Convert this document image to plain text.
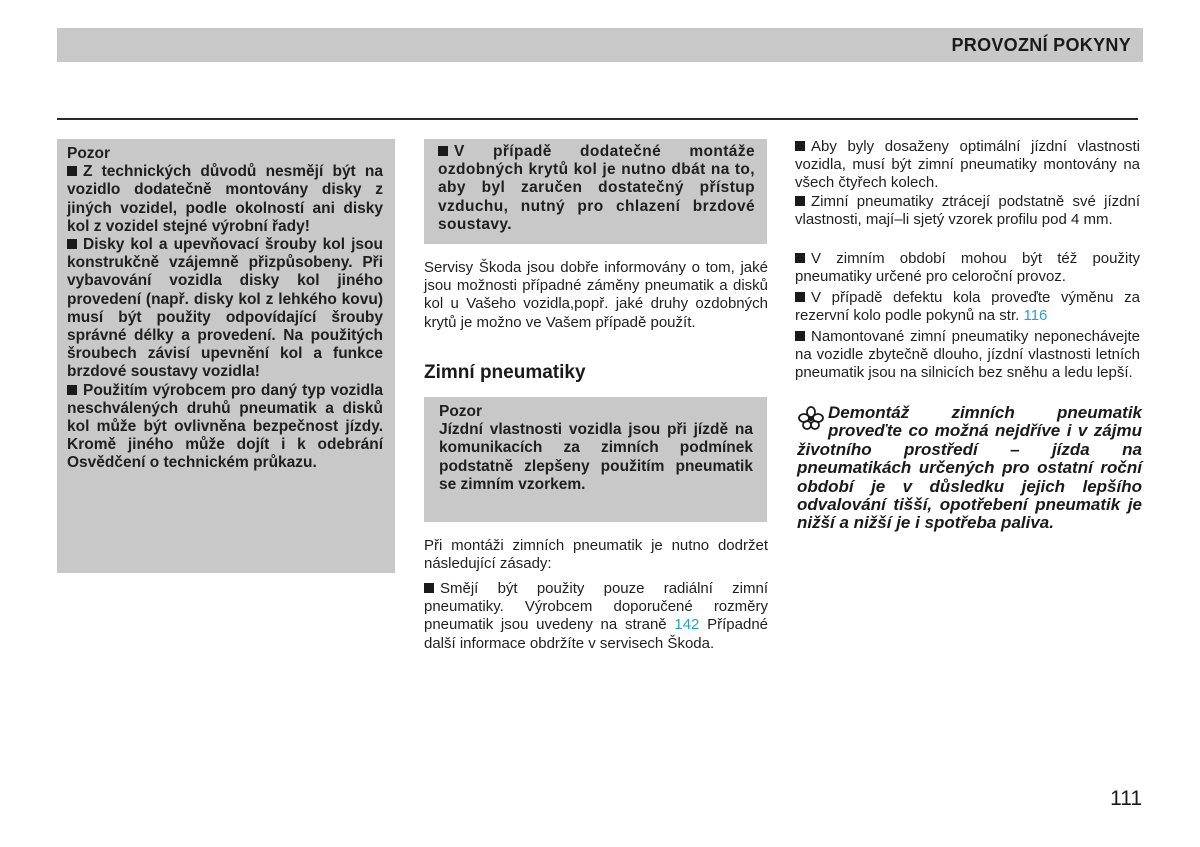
PROVOZNÍ POKYNY
Pozor
Z technických důvodů nesmějí být na vozidlo dodatečně montovány disky z jiných vozidel, podle okolností ani disky kol z vozidel stejné výrobní řady!
Disky kol a upevňovací šrouby kol jsou konstrukčně vzájemně přizpůsobeny. Při vybavování vozidla disky kol jiného provedení (např. disky kol z lehkého kovu) musí být použity odpovídající šrouby správné délky a provedení. Na použitých šroubech závisí upevnění kol a funkce brzdové soustavy vozidla!
Použitím výrobcem pro daný typ vozidla neschválených druhů pneumatik a disků kol může být ovlivněna bezpečnost jízdy. Kromě jiného může dojít i k odebrání Osvědčení o technickém průkazu.
V případě dodatečné montáže ozdobných krytů kol je nutno dbát na to, aby byl zaručen dostatečný přístup vzduchu, nutný pro chlazení brzdové soustavy.
Servisy Škoda jsou dobře informovány o tom, jaké jsou možnosti případné záměny pneumatik a disků kol u Vašeho vozidla,popř. jaké druhy ozdobných krytů je možno ve Vašem případě použít.
Zimní pneumatiky
Pozor
Jízdní vlastnosti vozidla jsou při jízdě na komunikacích za zimních podmínek podstatně zlepšeny použitím pneumatik se zimním vzorkem.
Při montáži zimních pneumatik je nutno dodržet následující zásady:
Smějí být použity pouze radiální zimní pneumatiky. Výrobcem doporučené rozměry pneumatik jsou uvedeny na straně 142 Případné další informace obdržíte v servisech Škoda.
Aby byly dosaženy optimální jízdní vlastnosti vozidla, musí být zimní pneumatiky montovány na všech čtyřech kolech.
Zimní pneumatiky ztrácejí podstatně své jízdní vlastnosti, mají–li sjetý vzorek profilu pod 4 mm.
V zimním období mohou být též použity pneumatiky určené pro celoroční provoz.
V případě defektu kola proveďte výměnu za rezervní kolo podle pokynů na str. 116
Namontované zimní pneumatiky neponechávejte na vozidle zbytečně dlouho, jízdní vlastnosti letních pneumatik jsou na silnicích bez sněhu a ledu lepší.
Demontáž zimních pneumatik proveďte co možná nejdříve i v zájmu životního prostředí – jízda na pneumatikách určených pro ostatní roční období je v důsledku jejich lepšího odvalování tišší, opotřebení pneumatik je nižší a nižší je i spotřeba paliva.
111
